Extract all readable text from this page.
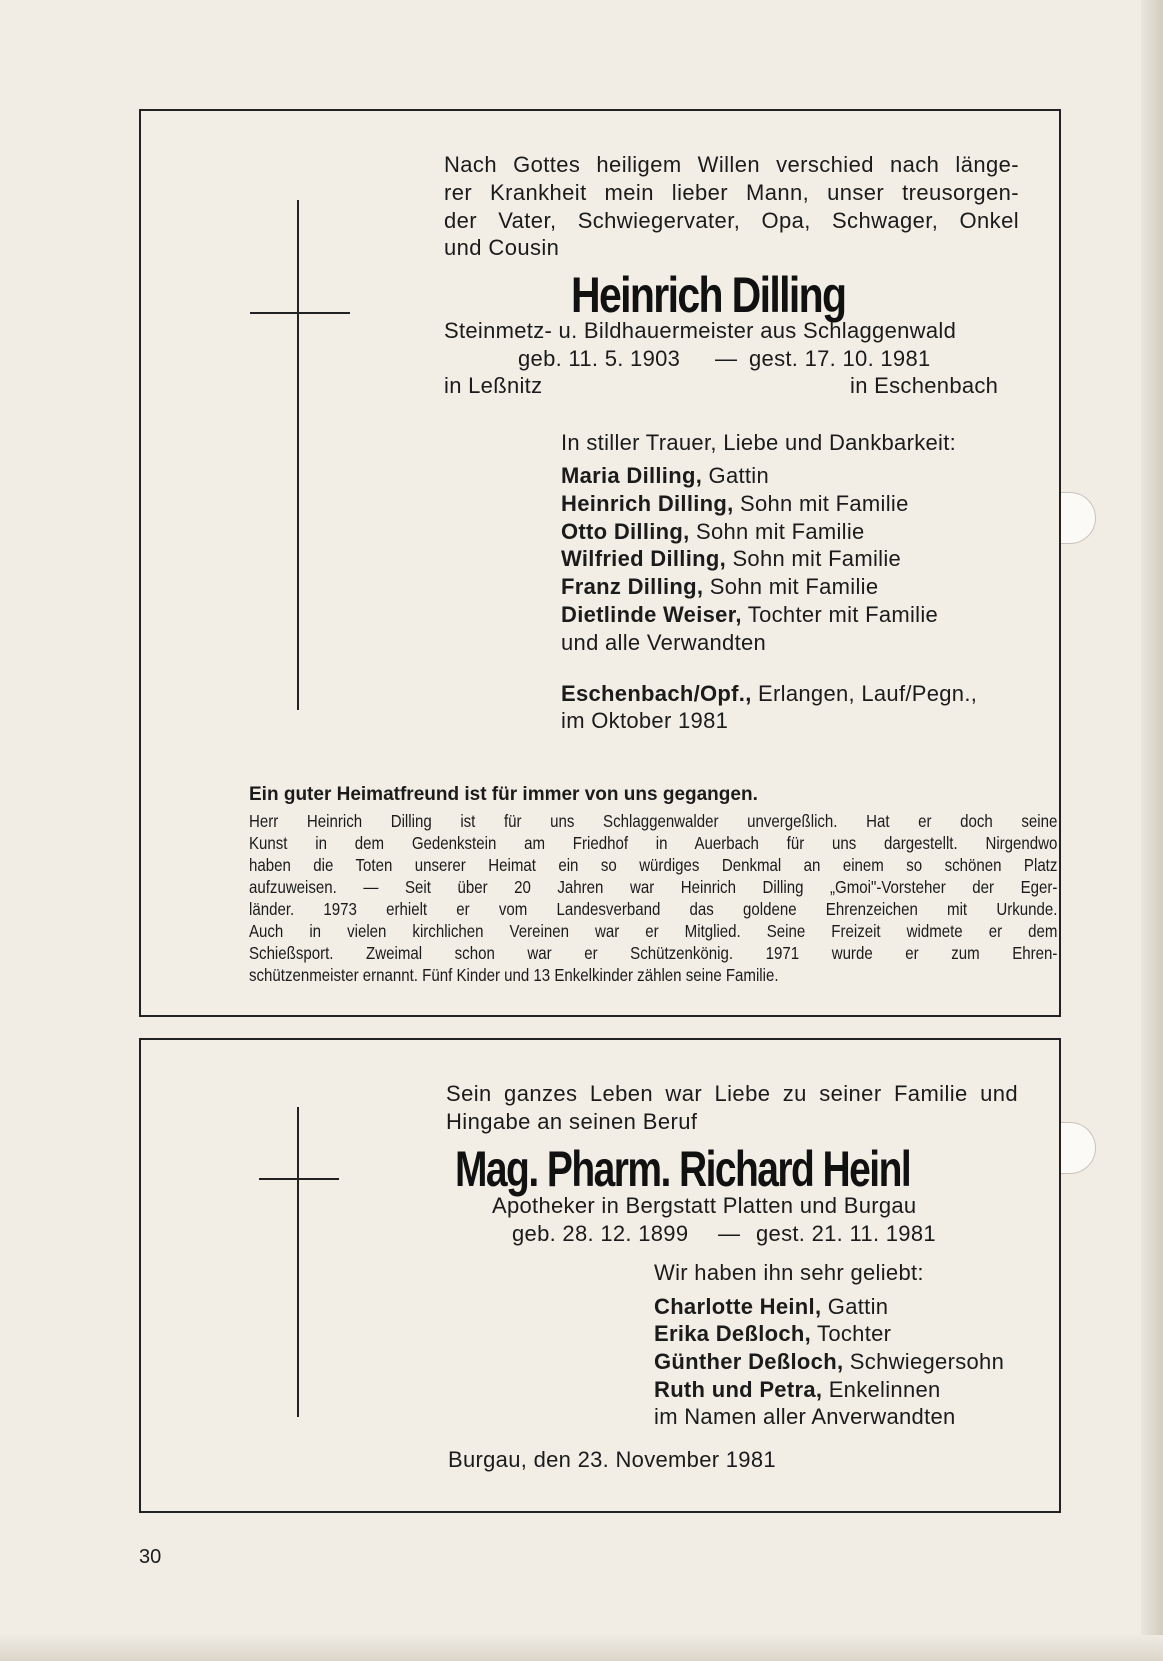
Nach Gottes heiligem Willen verschied nach länge-
rer Krankheit mein lieber Mann, unser treusorgen-
der Vater, Schwiegervater, Opa, Schwager, Onkel
und Cousin
Heinrich Dilling
Steinmetz- u. Bildhauermeister aus Schlaggenwald
geb. 11. 5. 1903 — gest. 17. 10. 1981
in Leßnitz	in Eschenbach
In stiller Trauer, Liebe und Dankbarkeit:
Maria Dilling, Gattin
Heinrich Dilling, Sohn mit Familie
Otto Dilling, Sohn mit Familie
Wilfried Dilling, Sohn mit Familie
Franz Dilling, Sohn mit Familie
Dietlinde Weiser, Tochter mit Familie
und alle Verwandten
Eschenbach/Opf., Erlangen, Lauf/Pegn.,
im Oktober 1981
Ein guter Heimatfreund ist für immer von uns gegangen.
Herr Heinrich Dilling ist für uns Schlaggenwalder unvergeßlich. Hat er doch seine
Kunst in dem Gedenkstein am Friedhof in Auerbach für uns dargestellt. Nirgendwo
haben die Toten unserer Heimat ein so würdiges Denkmal an einem so schönen Platz
aufzuweisen. — Seit über 20 Jahren war Heinrich Dilling „Gmoi"-Vorsteher der Eger-
länder. 1973 erhielt er vom Landesverband das goldene Ehrenzeichen mit Urkunde.
Auch in vielen kirchlichen Vereinen war er Mitglied. Seine Freizeit widmete er dem
Schießsport. Zweimal schon war er Schützenkönig. 1971 wurde er zum Ehren-
schützenmeister ernannt. Fünf Kinder und 13 Enkelkinder zählen seine Familie.
Sein ganzes Leben war Liebe zu seiner Familie und
Hingabe an seinen Beruf
Mag. Pharm. Richard Heinl
Apotheker in Bergstatt Platten und Burgau
geb. 28. 12. 1899 — gest. 21. 11. 1981
Wir haben ihn sehr geliebt:
Charlotte Heinl, Gattin
Erika Deßloch, Tochter
Günther Deßloch, Schwiegersohn
Ruth und Petra, Enkelinnen
im Namen aller Anverwandten
Burgau, den 23. November 1981
30
